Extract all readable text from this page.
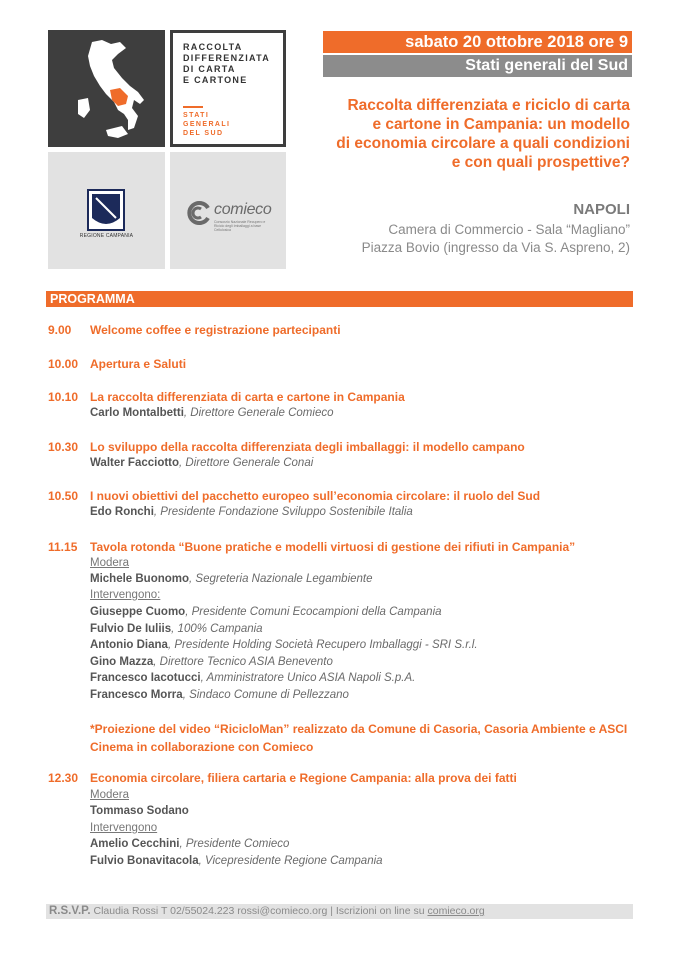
RACCOLTA
DIFFERENZIATA
DI CARTA
E CARTONE
STATI
GENERALI
DEL SUD
REGIONE CAMPANIA
comieco
Consorzio Nazionale Recupero e Riciclo degli Imballaggi a base Cellulosica
sabato 20 ottobre 2018 ore 9
Stati generali del Sud
Raccolta differenziata e riciclo di carta
e cartone in Campania: un modello
di economia circolare a quali condizioni
e con quali prospettive?
NAPOLI
Camera di Commercio - Sala “Magliano”
Piazza Bovio (ingresso da Via S. Aspreno, 2)
PROGRAMMA
9.00	Welcome coffee e registrazione partecipanti
10.00 Apertura e Saluti
10.10 La raccolta differenziata di carta e cartone in Campania
Carlo Montalbetti, Direttore Generale Comieco
10.30 Lo sviluppo della raccolta differenziata degli imballaggi: il modello campano
Walter Facciotto, Direttore Generale Conai
10.50 I nuovi obiettivi del pacchetto europeo sull’economia circolare: il ruolo del Sud
Edo Ronchi, Presidente Fondazione Sviluppo Sostenibile Italia
11.15	Tavola rotonda “Buone pratiche e modelli virtuosi di gestione dei rifiuti in Campania”
Modera
Michele Buonomo, Segreteria Nazionale Legambiente
Intervengono:
Giuseppe Cuomo, Presidente Comuni Ecocampioni della Campania
Fulvio De Iuliis, 100% Campania
Antonio Diana, Presidente Holding Società Recupero Imballaggi - SRI S.r.l.
Gino Mazza, Direttore Tecnico ASIA Benevento
Francesco Iacotucci, Amministratore Unico ASIA Napoli S.p.A.
Francesco Morra, Sindaco Comune di Pellezzano
*Proiezione del video “RicicloMan” realizzato da Comune di Casoria, Casoria Ambiente e ASCI Cinema in collaborazione con Comieco
12.30 Economia circolare, filiera cartaria e Regione Campania: alla prova dei fatti
Modera
Tommaso Sodano
Intervengono
Amelio Cecchini, Presidente Comieco
Fulvio Bonavitacola, Vicepresidente Regione Campania
R.S.V.P. Claudia Rossi T 02/55024.223 rossi@comieco.org | Iscrizioni on line su comieco.org
